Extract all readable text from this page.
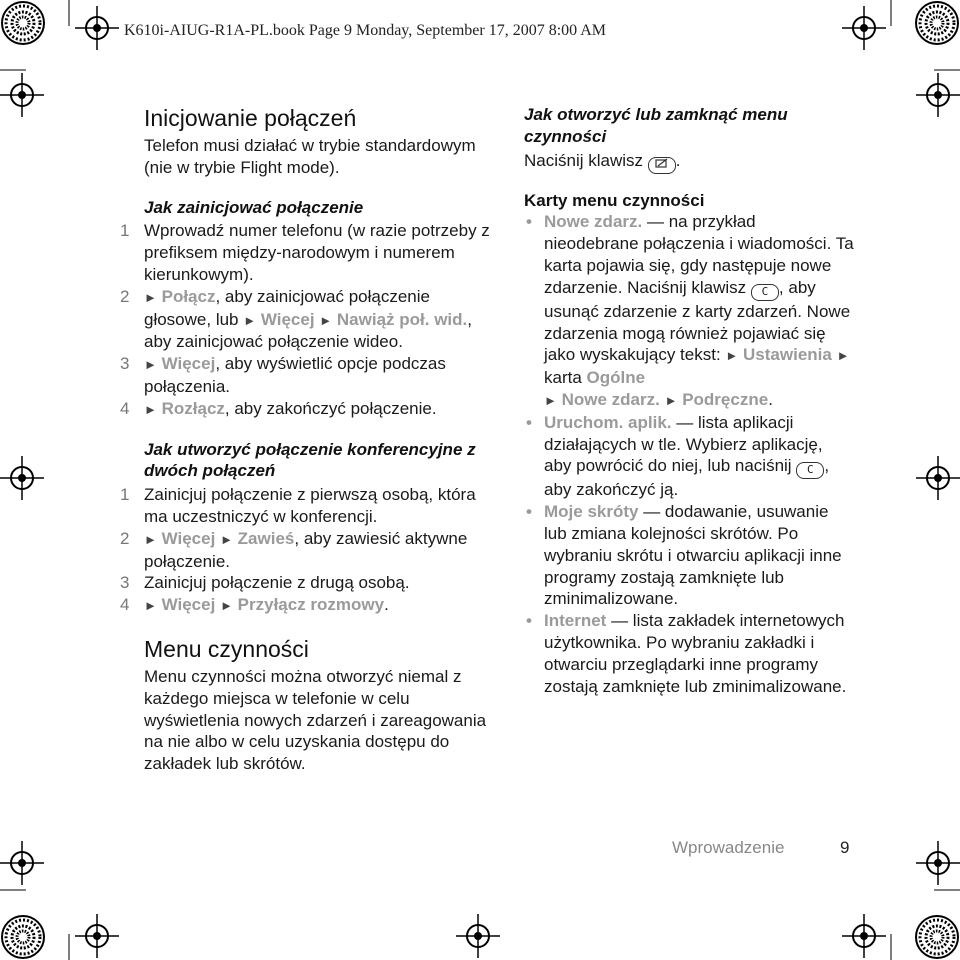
K610i-AIUG-R1A-PL.book Page 9 Monday, September 17, 2007 8:00 AM
Inicjowanie połączeń
Telefon musi działać w trybie standardowym (nie w trybie Flight mode).
Jak zainicjować połączenie
1 Wprowadź numer telefonu (w razie potrzeby z prefiksem między-narodowym i numerem kierunkowym).
2	► Połącz, aby zainicjować połączenie głosowe, lub ► Więcej ► Nawiąż poł. wid., aby zainicjować połączenie wideo.
3	► Więcej, aby wyświetlić opcje podczas połączenia.
4	► Rozłącz, aby zakończyć połączenie.
Jak utworzyć połączenie konferencyjne z dwóch połączeń
1 Zainicjuj połączenie z pierwszą osobą, która ma uczestniczyć w konferencji.
2	► Więcej ► Zawieś, aby zawiesić aktywne połączenie.
3 Zainicjuj połączenie z drugą osobą.
4	► Więcej ► Przyłącz rozmowy.
Menu czynności
Menu czynności można otworzyć niemal z każdego miejsca w telefonie w celu wyświetlenia nowych zdarzeń i zareagowania na nie albo w celu uzyskania dostępu do zakładek lub skrótów.
Jak otworzyć lub zamknąć menu czynności
Naciśnij klawisz .
Karty menu czynności
• Nowe zdarz. — na przykład nieodebrane połączenia i wiadomości. Ta karta pojawia się, gdy następuje nowe zdarzenie. Naciśnij klawisz C , aby usunąć zdarzenie z karty zdarzeń. Nowe zdarzenia mogą również pojawiać się jako wyskakujący tekst: ► Ustawienia ► karta Ogólne
► Nowe zdarz. ► Podręczne.
• Uruchom. aplik. — lista aplikacji działających w tle. Wybierz aplikację, aby powrócić do niej, lub naciśnij C , aby zakończyć ją.
• Moje skróty — dodawanie, usuwanie lub zmiana kolejności skrótów. Po wybraniu skrótu i otwarciu aplikacji inne programy zostają zamknięte lub zminimalizowane.
• Internet — lista zakładek internetowych użytkownika. Po wybraniu zakładki i otwarciu przeglądarki inne programy zostają zamknięte lub zminimalizowane.
Wprowadzenie	9
